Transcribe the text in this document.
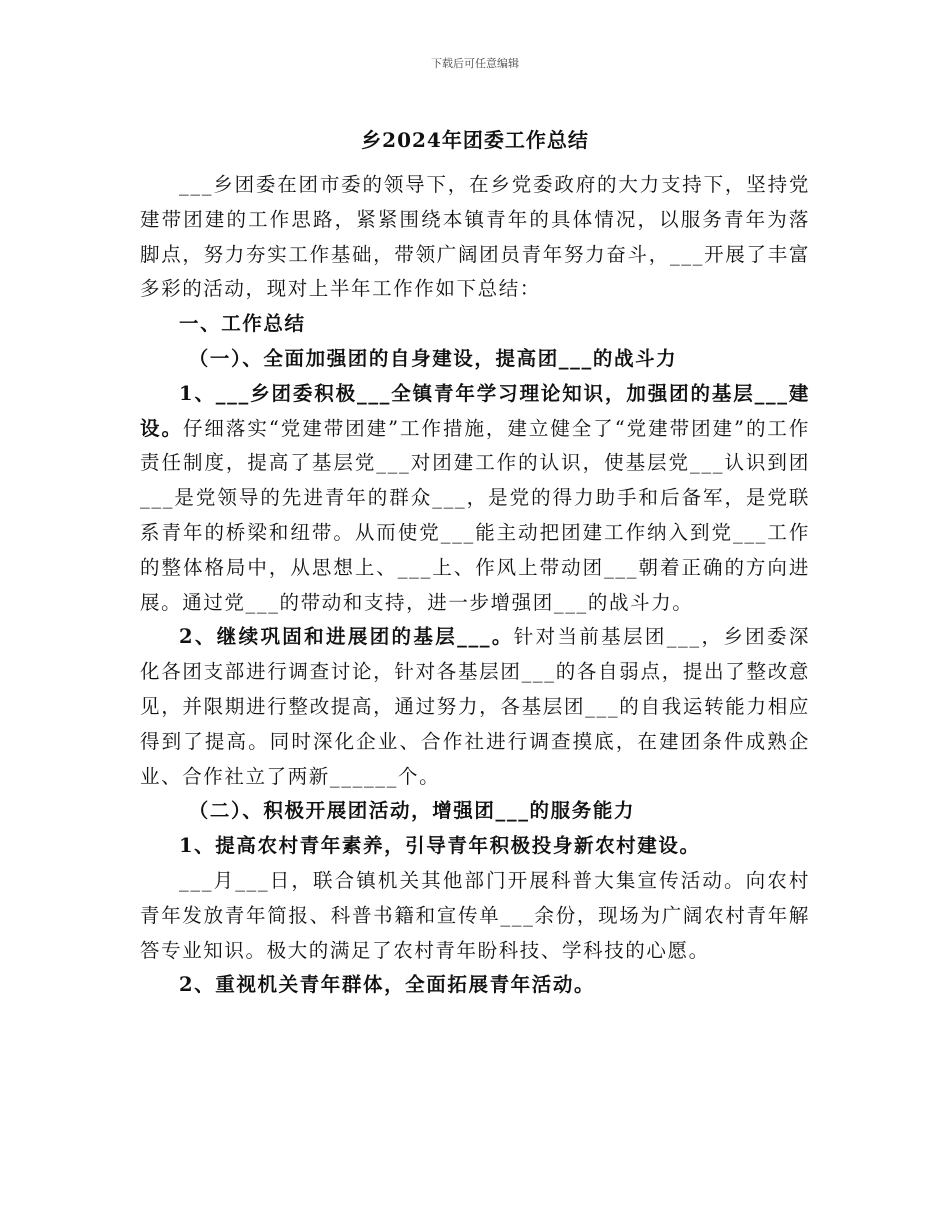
下载后可任意编辑
乡2024年团委工作总结

___乡团委在团市委的领导下，在乡党委政府的大力支持下，坚持党建带团建的工作思路，紧紧围绕本镇青年的具体情况，以服务青年为落脚点，努力夯实工作基础，带领广阔团员青年努力奋斗，___开展了丰富多彩的活动，现对上半年工作作如下总结：

一、工作总结

（一）、全面加强团的自身建设，提高团___的战斗力

1、___乡团委积极___全镇青年学习理论知识，加强团的基层___建设。仔细落实“党建带团建”工作措施，建立健全了“党建带团建”的工作责任制度，提高了基层党___对团建工作的认识，使基层党___认识到团___是党领导的先进青年的群众___，是党的得力助手和后备军，是党联系青年的桥梁和纽带。从而使党___能主动把团建工作纳入到党___工作的整体格局中，从思想上、___上、作风上带动团___朝着正确的方向进展。通过党___的带动和支持，进一步增强团___的战斗力。

2、继续巩固和进展团的基层___。针对当前基层团___，乡团委深化各团支部进行调查讨论，针对各基层团___的各自弱点，提出了整改意见，并限期进行整改提高，通过努力，各基层团___的自我运转能力相应得到了提高。同时深化企业、合作社进行调查摸底，在建团条件成熟企业、合作社立了两新______个。

（二）、积极开展团活动，增强团___的服务能力

1、提高农村青年素养，引导青年积极投身新农村建设。

___月___日，联合镇机关其他部门开展科普大集宣传活动。向农村青年发放青年简报、科普书籍和宣传单___余份，现场为广阔农村青年解答专业知识。极大的满足了农村青年盼科技、学科技的心愿。

2、重视机关青年群体，全面拓展青年活动。
